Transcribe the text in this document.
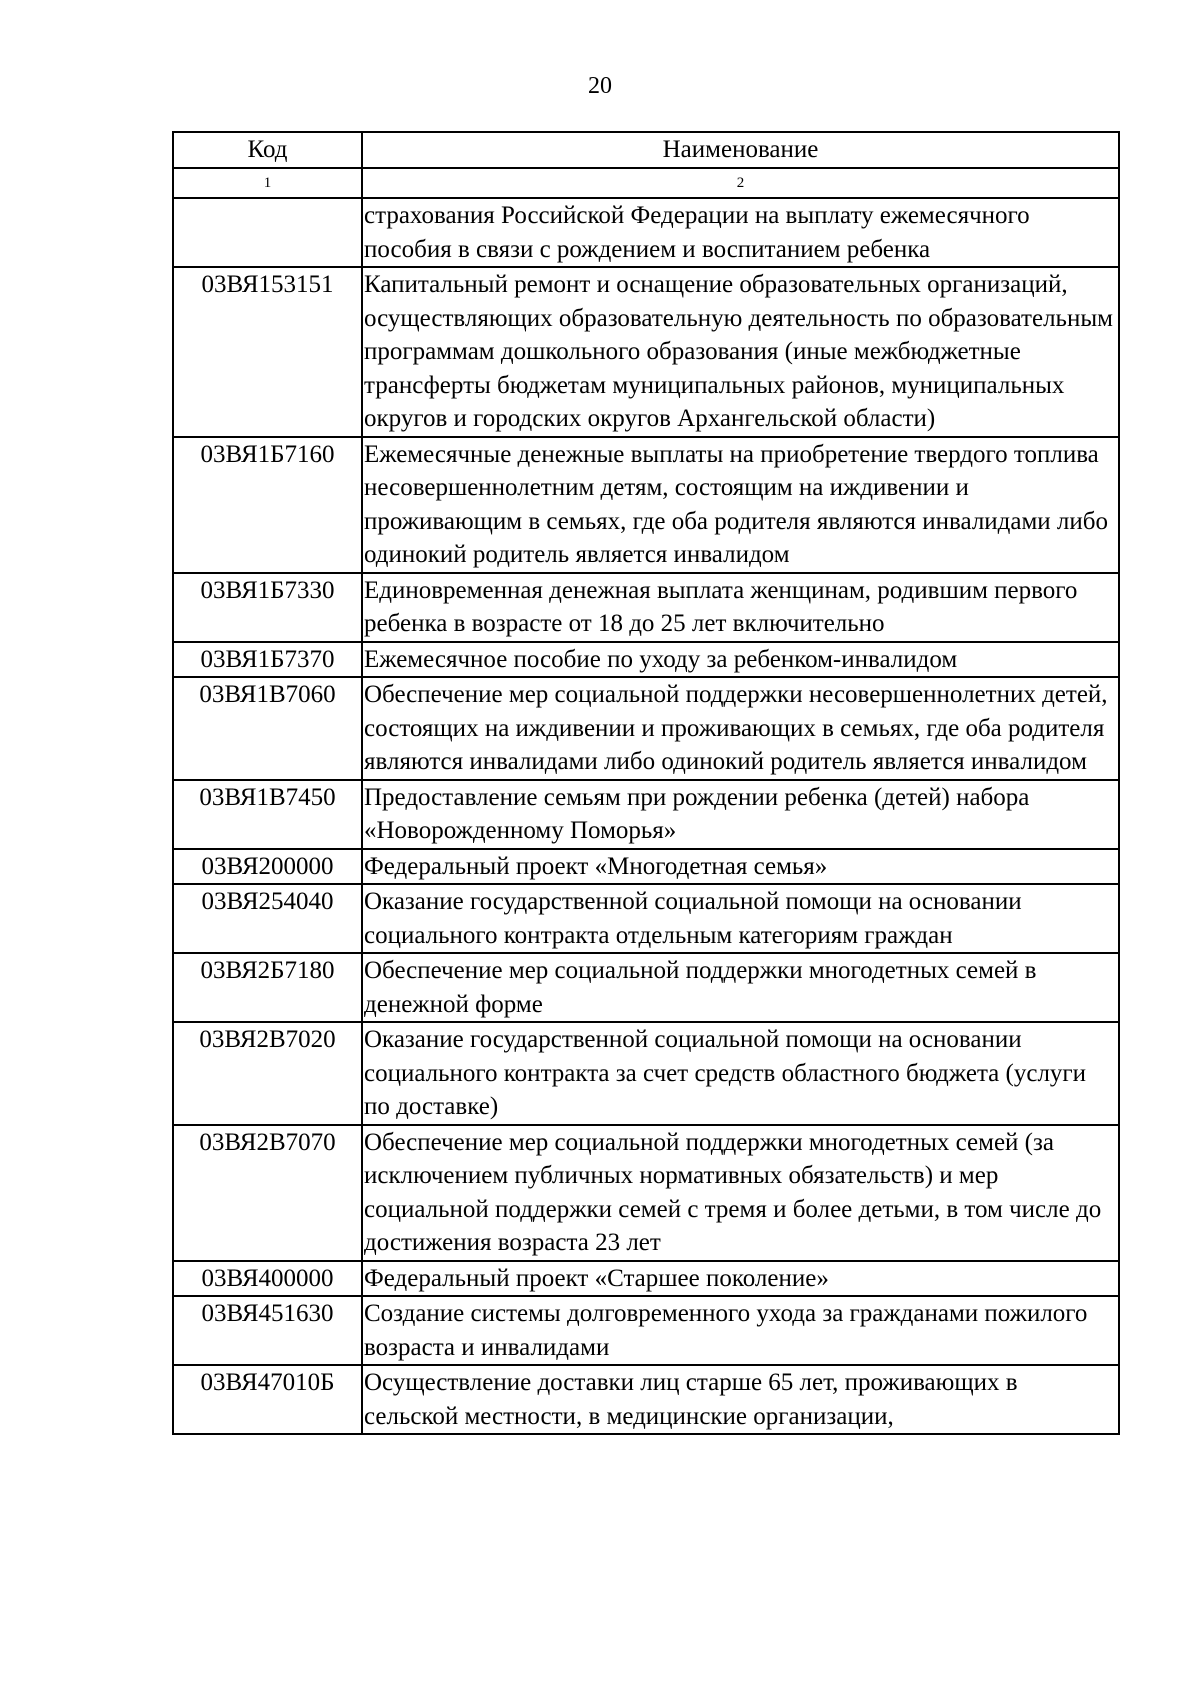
20
Код	Наименование
1	2
	страхования Российской Федерации на выплату ежемесячного пособия в связи с рождением и воспитанием ребенка
03ВЯ153151	Капитальный ремонт и оснащение образовательных организаций, осуществляющих образовательную деятельность по образовательным программам дошкольного образования (иные межбюджетные трансферты бюджетам муниципальных районов, муниципальных округов и городских округов Архангельской области)
03ВЯ1Б7160	Ежемесячные денежные выплаты на приобретение твердого топлива несовершеннолетним детям, состоящим на иждивении и проживающим в семьях, где оба родителя являются инвалидами либо одинокий родитель является инвалидом
03ВЯ1Б7330	Единовременная денежная выплата женщинам, родившим первого ребенка в возрасте от 18 до 25 лет включительно
03ВЯ1Б7370	Ежемесячное пособие по уходу за ребенком-инвалидом
03ВЯ1В7060	Обеспечение мер социальной поддержки несовершеннолетних детей, состоящих на иждивении и проживающих в семьях, где оба родителя являются инвалидами либо одинокий родитель является инвалидом
03ВЯ1В7450	Предоставление семьям при рождении ребенка (детей) набора «Новорожденному Поморья»
03ВЯ200000	Федеральный проект «Многодетная семья»
03ВЯ254040	Оказание государственной социальной помощи на основании социального контракта отдельным категориям граждан
03ВЯ2Б7180	Обеспечение мер социальной поддержки многодетных семей в денежной форме
03ВЯ2В7020	Оказание государственной социальной помощи на основании социального контракта за счет средств областного бюджета (услуги по доставке)
03ВЯ2В7070	Обеспечение мер социальной поддержки многодетных семей (за исключением публичных нормативных обязательств) и мер социальной поддержки семей с тремя и более детьми, в том числе до достижения возраста 23 лет
03ВЯ400000	Федеральный проект «Старшее поколение»
03ВЯ451630	Создание системы долговременного ухода за гражданами пожилого возраста и инвалидами
03ВЯ47010Б	Осуществление доставки лиц старше 65 лет, проживающих в сельской местности, в медицинские организации,
